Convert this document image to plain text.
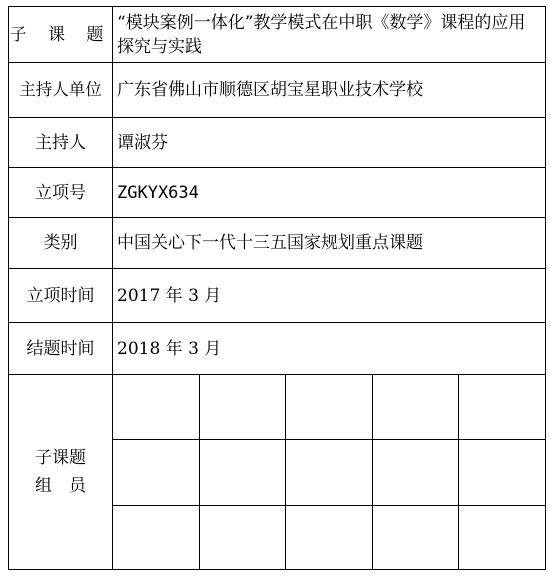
子 课 题	“模块案例一体化”教学模式在中职《数学》课程的应用探究与实践
主持人单位	广东省佛山市顺德区胡宝星职业技术学校
主持人	谭淑芬
立项号	ZGKYX634
类别	中国关心下一代十三五国家规划重点课题
立项时间	2017 年 3 月
结题时间	2018 年 3 月

子课题
组　员
